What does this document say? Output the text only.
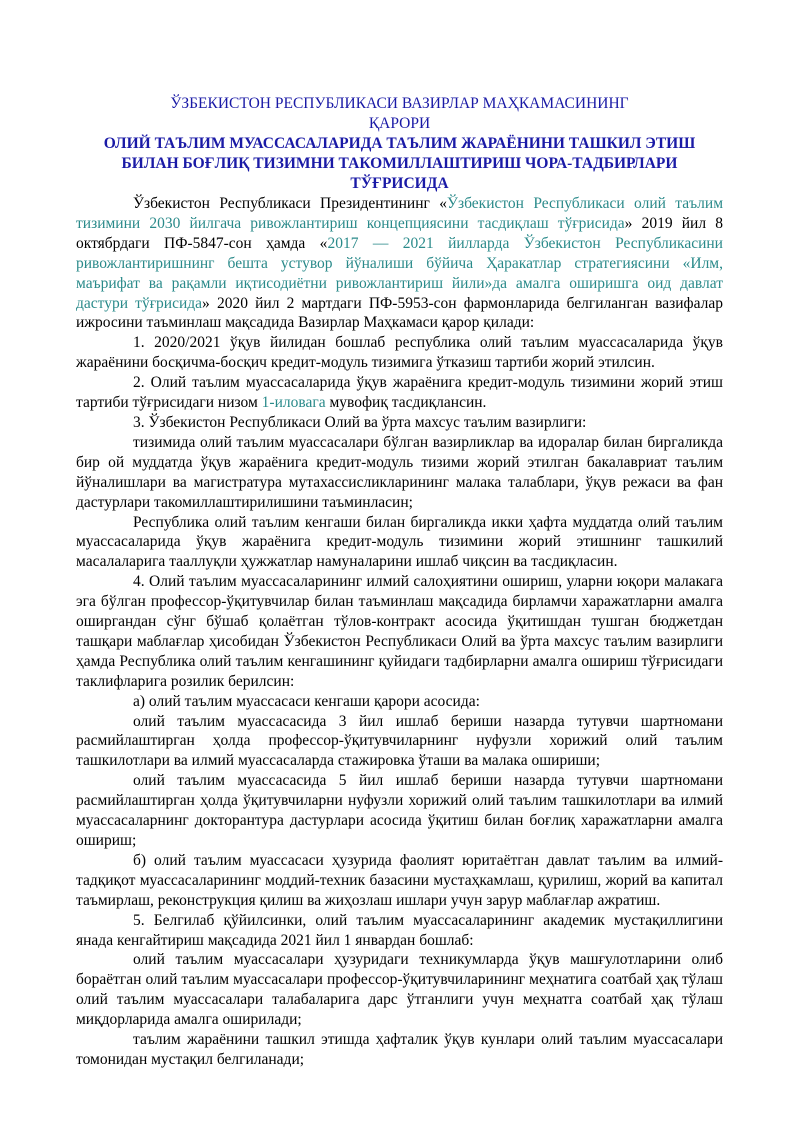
ЎЗБЕКИСТОН РЕСПУБЛИКАСИ ВАЗИРЛАР МАҲКАМАСИНИНГ
ҚАРОРИ
ОЛИЙ ТАЪЛИМ МУАССАСАЛАРИДА ТАЪЛИМ ЖАРАЁНИНИ ТАШКИЛ ЭТИШ БИЛАН БОҒЛИҚ ТИЗИМНИ ТАКОМИЛЛАШТИРИШ ЧОРА-ТАДБИРЛАРИ ТЎҒРИСИДА

Ўзбекистон Республикаси Президентининг «Ўзбекистон Республикаси олий таълим тизимини 2030 йилгача ривожлантириш концепциясини тасдиқлаш тўғрисида» 2019 йил 8 октябрдаги ПФ-5847-сон ҳамда «2017 — 2021 йилларда Ўзбекистон Республикасини ривожлантиришнинг бешта устувор йўналиши бўйича Ҳаракатлар стратегиясини «Илм, маърифат ва рақамли иқтисодиётни ривожлантириш йили»да амалга оширишга оид давлат дастури тўғрисида» 2020 йил 2 мартдаги ПФ-5953-сон фармонларида белгиланган вазифалар ижросини таъминлаш мақсадида Вазирлар Маҳкамаси қарор қилади:

1. 2020/2021 ўқув йилидан бошлаб республика олий таълим муассасаларида ўқув жараёнини босқичма-босқич кредит-модуль тизимига ўтказиш тартиби жорий этилсин.

2. Олий таълим муассасаларида ўқув жараёнига кредит-модуль тизимини жорий этиш тартиби тўғрисидаги низом 1-иловага мувофиқ тасдиқлансин.

3. Ўзбекистон Республикаси Олий ва ўрта махсус таълим вазирлиги:

тизимида олий таълим муассасалари бўлган вазирликлар ва идоралар билан биргаликда бир ой муддатда ўқув жараёнига кредит-модуль тизими жорий этилган бакалавриат таълим йўналишлари ва магистратура мутахассисликларининг малака талаблари, ўқув режаси ва фан дастурлари такомиллаштирилишини таъминласин;

Республика олий таълим кенгаши билан биргаликда икки ҳафта муддатда олий таълим муассасаларида ўқув жараёнига кредит-модуль тизимини жорий этишнинг ташкилий масалаларига тааллуқли ҳужжатлар намуналарини ишлаб чиқсин ва тасдиқласин.

4. Олий таълим муассасаларининг илмий салоҳиятини ошириш, уларни юқори малакага эга бўлган профессор-ўқитувчилар билан таъминлаш мақсадида бирламчи харажатларни амалга оширгандан сўнг бўшаб қолаётган тўлов-контракт асосида ўқитишдан тушган бюджетдан ташқари маблағлар ҳисобидан Ўзбекистон Республикаси Олий ва ўрта махсус таълим вазирлиги ҳамда Республика олий таълим кенгашининг қуйидаги тадбирларни амалга ошириш тўғрисидаги таклифларига розилик берилсин:

а) олий таълим муассасаси кенгаши қарори асосида:

олий таълим муассасасида 3 йил ишлаб бериши назарда тутувчи шартномани расмийлаштирган ҳолда профессор-ўқитувчиларнинг нуфузли хорижий олий таълим ташкилотлари ва илмий муассасаларда стажировка ўташи ва малака ошириши;

олий таълим муассасасида 5 йил ишлаб бериши назарда тутувчи шартномани расмийлаштирган ҳолда ўқитувчиларни нуфузли хорижий олий таълим ташкилотлари ва илмий муассасаларнинг докторантура дастурлари асосида ўқитиш билан боғлиқ харажатларни амалга ошириш;

б) олий таълим муассасаси ҳузурида фаолият юритаётган давлат таълим ва илмий-тадқиқот муассасаларининг моддий-техник базасини мустаҳкамлаш, қурилиш, жорий ва капитал таъмирлаш, реконструкция қилиш ва жиҳозлаш ишлари учун зарур маблағлар ажратиш.

5. Белгилаб қўйилсинки, олий таълим муассасаларининг академик мустақиллигини янада кенгайтириш мақсадида 2021 йил 1 январдан бошлаб:

олий таълим муассасалари ҳузуридаги техникумларда ўқув машғулотларини олиб бораётган олий таълим муассасалари профессор-ўқитувчиларининг меҳнатига соатбай ҳақ тўлаш олий таълим муассасалари талабаларига дарс ўтганлиги учун меҳнатга соатбай ҳақ тўлаш миқдорларида амалга оширилади;

таълим жараёнини ташкил этишда ҳафталик ўқув кунлари олий таълим муассасалари томонидан мустақил белгиланади;
